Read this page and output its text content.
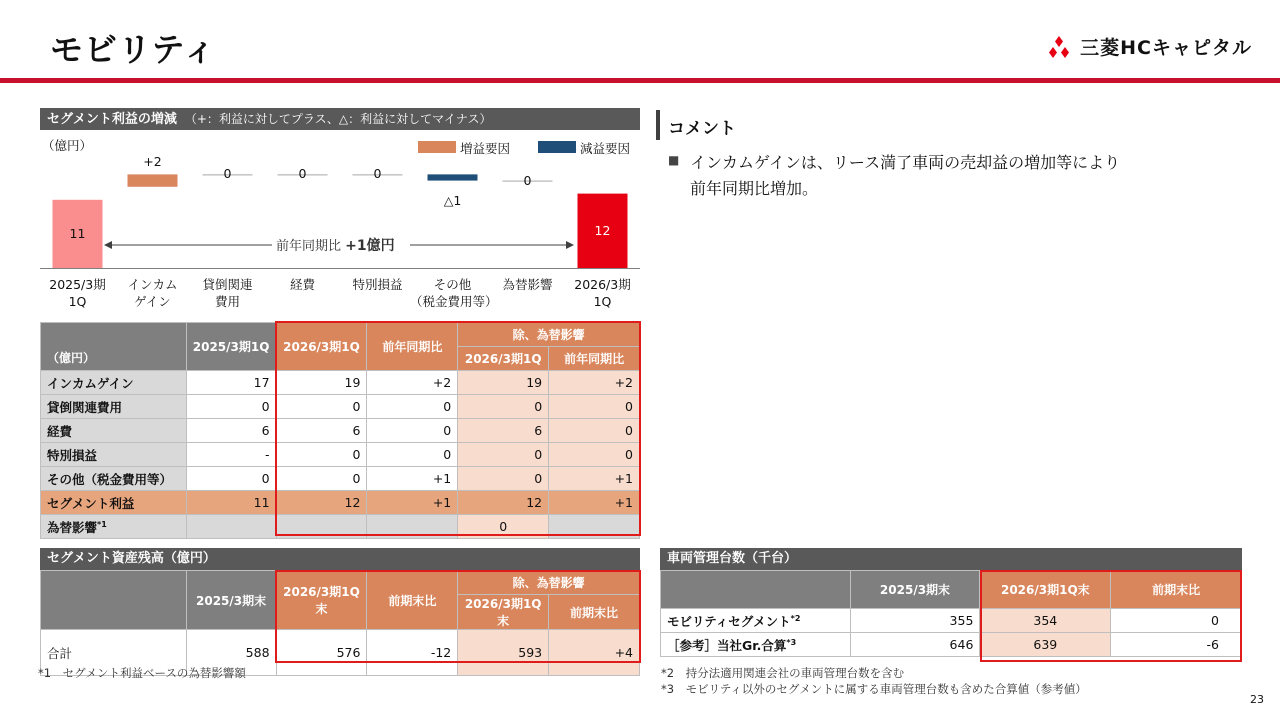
モビリティ	三菱HCキャピタル
セグメント利益の増減 （+：利益に対してプラス、△：利益に対してマイナス）
（億円）	増益要因	減益要因
11
2025/3期
1Q
+2
インカム
ゲイン
0
貸倒関連
費用
0
経費
0
特別損益
△1
その他
（税金費用等）
0
為替影響
12
2026/3期
1Q
前年同期比 +1億円
（億円）	2025/3期1Q	2026/3期1Q	前年同期比	除、為替影響	
				2026/3期1Q	前年同期比
インカムゲイン	17	19	+2	19	+2
貸倒関連費用	0	0	0	0	0
経費	6	6	0	6	0
特別損益	-	0	0	0	0
その他（税金費用等）	0	0	+1	0	+1
セグメント利益	11	12	+1	12	+1
為替影響$^{*1}$				0	
セグメント資産残高（億円）
	2025/3期末	2026/3期1Q末	前期末比	除、為替影響	
				2026/3期1Q末	前期末比
合計	588	576	-12	593	+4
*1　セグメント利益ベースの為替影響額
コメント
■ インカムゲインは、リース満了車両の売却益の増加等により
前年同期比増加。
車両管理台数（千台）
	2025/3期末	2026/3期1Q末	前期末比
モビリティセグメント$^{*2}$	355	354	0
［参考］当社Gr.合算$^{*3}$	646	639	-6
*2　持分法適用関連会社の車両管理台数を含む
*3　モビリティ以外のセグメントに属する車両管理台数も含めた合算値（参考値）
23
